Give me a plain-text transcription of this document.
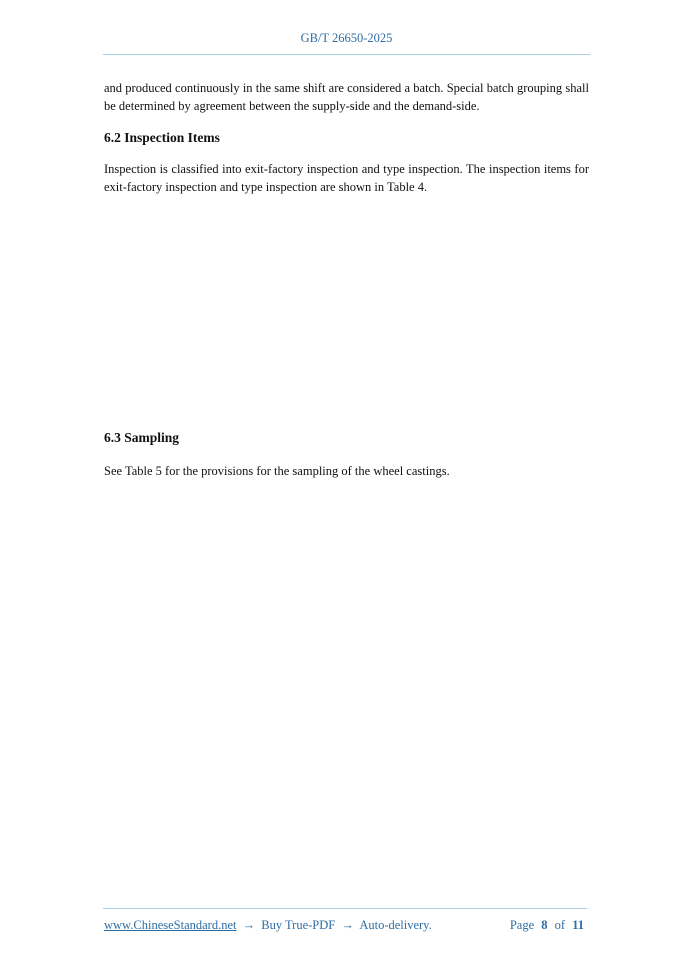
GB/T 26650-2025

and produced continuously in the same shift are considered a batch. Special batch grouping shall be determined by agreement between the supply-side and the demand-side.

6.2 Inspection Items

Inspection is classified into exit-factory inspection and type inspection. The inspection items for exit-factory inspection and type inspection are shown in Table 4.

6.3 Sampling

See Table 5 for the provisions for the sampling of the wheel castings.

www.ChineseStandard.net → Buy True-PDF → Auto-delivery.	Page 8 of 11
